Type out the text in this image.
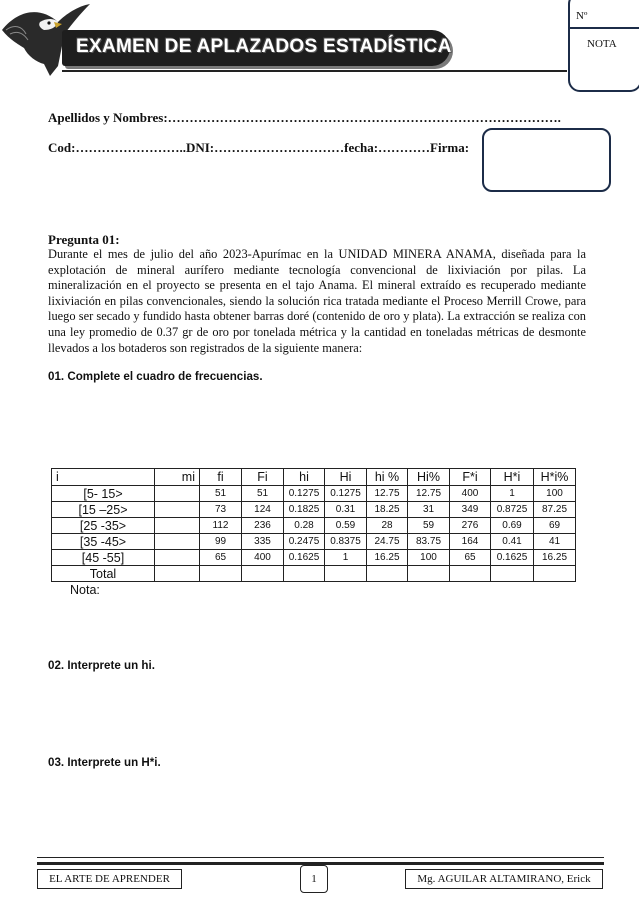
EXAMEN DE APLAZADOS ESTADÍSTICA
Nº
NOTA
Apellidos y Nombres:……………………………………………………………………………….
Cod:……………………..DNI:…………………………fecha:…………Firma:
Pregunta 01:
Durante el mes de julio del año 2023-Apurímac en la UNIDAD MINERA ANAMA, diseñada para la explotación de mineral aurífero mediante tecnología convencional de lixiviación por pilas. La mineralización en el proyecto se presenta en el tajo Anama. El mineral extraído es recuperado mediante lixiviación en pilas convencionales, siendo la solución rica tratada mediante el Proceso Merrill Crowe, para luego ser secado y fundido hasta obtener barras doré (contenido de oro y plata). La extracción se realiza con una ley promedio de 0.37 gr de oro por tonelada métrica y la cantidad en toneladas métricas de desmonte llevados a los botaderos son registrados de la siguiente manera:
01. Complete el cuadro de frecuencias.
i	mi	fi	Fi	hi	Hi	hi %	Hi%	F*i	H*i	H*i%
[5- 15>		51	51	0.1275	0.1275	12.75	12.75	400	1	100
[15 –25>		73	124	0.1825	0.31	18.25	31	349	0.8725	87.25
[25 -35>		112	236	0.28	0.59	28	59	276	0.69	69
[35 -45>		99	335	0.2475	0.8375	24.75	83.75	164	0.41	41
[45 -55]		65	400	0.1625	1	16.25	100	65	0.1625	16.25
Total										
Nota:
02. Interprete un hi.
03. Interprete un H*i.
EL ARTE DE APRENDER	1	Mg. AGUILAR ALTAMIRANO, Erick
